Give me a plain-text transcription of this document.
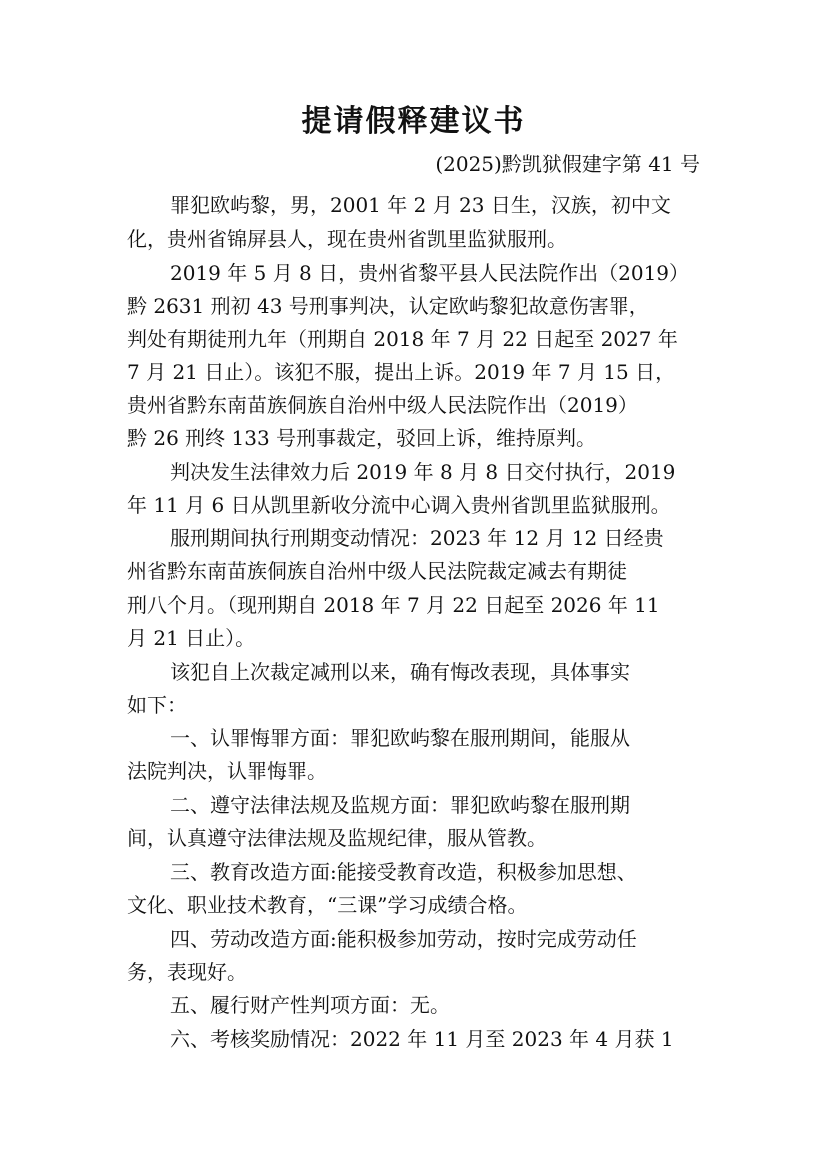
提请假释建议书
(2025)黔凯狱假建字第 41 号
罪犯欧屿黎，男，2001 年 2 月 23 日生，汉族，初中文
化，贵州省锦屏县人，现在贵州省凯里监狱服刑。
2019 年 5 月 8 日，贵州省黎平县人民法院作出（2019）
黔 2631 刑初 43 号刑事判决，认定欧屿黎犯故意伤害罪，
判处有期徒刑九年（刑期自 2018 年 7 月 22 日起至 2027 年
7 月 21 日止）。该犯不服，提出上诉。2019 年 7 月 15 日，
贵州省黔东南苗族侗族自治州中级人民法院作出（2019）
黔 26 刑终 133 号刑事裁定，驳回上诉，维持原判。
判决发生法律效力后 2019 年 8 月 8 日交付执行，2019
年 11 月 6 日从凯里新收分流中心调入贵州省凯里监狱服刑。
服刑期间执行刑期变动情况：2023 年 12 月 12 日经贵
州省黔东南苗族侗族自治州中级人民法院裁定减去有期徒
刑八个月。（现刑期自 2018 年 7 月 22 日起至 2026 年 11
月 21 日止）。
该犯自上次裁定减刑以来，确有悔改表现，具体事实
如下：
一、认罪悔罪方面：罪犯欧屿黎在服刑期间，能服从
法院判决，认罪悔罪。
二、遵守法律法规及监规方面：罪犯欧屿黎在服刑期
间，认真遵守法律法规及监规纪律，服从管教。
三、教育改造方面:能接受教育改造，积极参加思想、
文化、职业技术教育，“三课”学习成绩合格。
四、劳动改造方面:能积极参加劳动，按时完成劳动任
务，表现好。
五、履行财产性判项方面：无。
六、考核奖励情况：2022 年 11 月至 2023 年 4 月获 1
